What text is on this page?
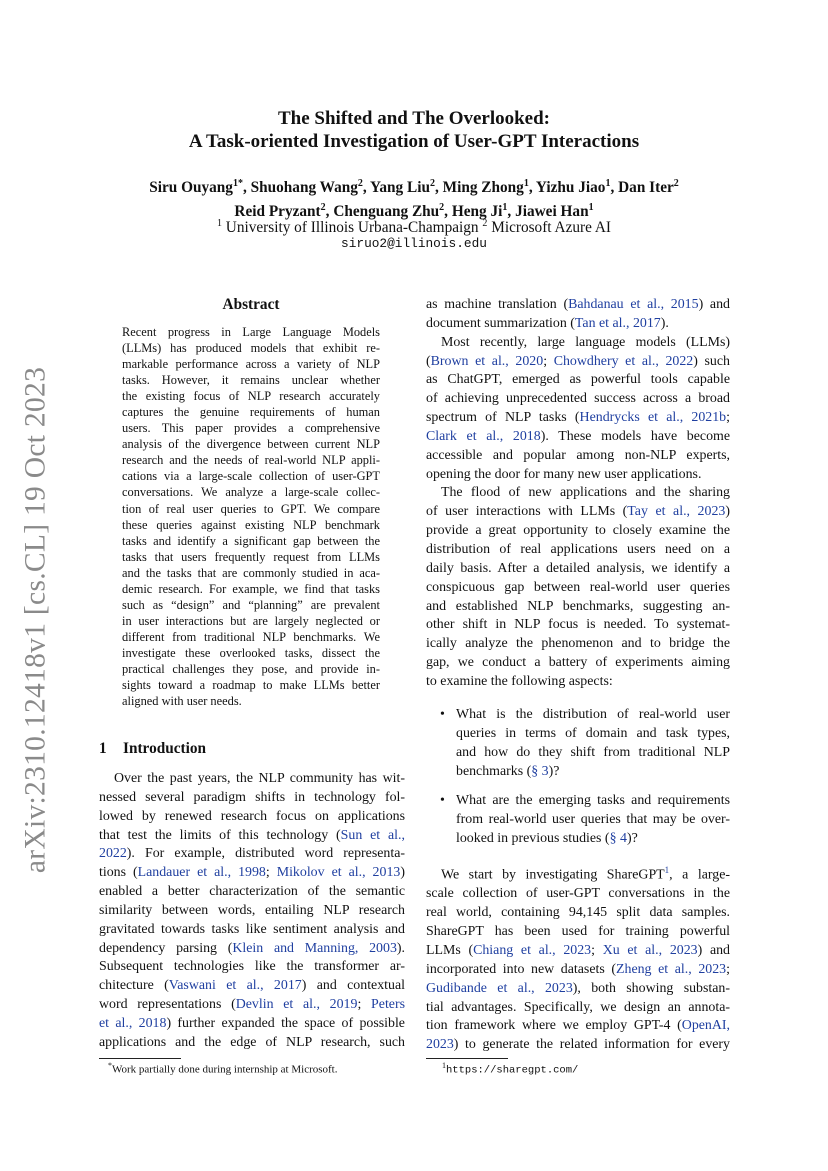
arXiv:2310.12418v1 [cs.CL] 19 Oct 2023
The Shifted and The Overlooked:
A Task-oriented Investigation of User-GPT Interactions
Siru Ouyang$^{1*}$, Shuohang Wang$^2$, Yang Liu$^2$, Ming Zhong$^1$, Yizhu Jiao$^1$, Dan Iter$^2$
Reid Pryzant$^2$, Chenguang Zhu$^2$, Heng Ji$^1$, Jiawei Han$^1$
$^1$ University of Illinois Urbana-Champaign $^2$ Microsoft Azure AI
siruo2@illinois.edu
Abstract
Recent progress in Large Language Models
(LLMs) has produced models that exhibit re-
markable performance across a variety of NLP
tasks. However, it remains unclear whether
the existing focus of NLP research accurately
captures the genuine requirements of human
users. This paper provides a comprehensive
analysis of the divergence between current NLP
research and the needs of real-world NLP appli-
cations via a large-scale collection of user-GPT
conversations. We analyze a large-scale collec-
tion of real user queries to GPT. We compare
these queries against existing NLP benchmark
tasks and identify a significant gap between the
tasks that users frequently request from LLMs
and the tasks that are commonly studied in aca-
demic research. For example, we find that tasks
such as “design” and “planning” are prevalent
in user interactions but are largely neglected or
different from traditional NLP benchmarks. We
investigate these overlooked tasks, dissect the
practical challenges they pose, and provide in-
sights toward a roadmap to make LLMs better
aligned with user needs.
1 Introduction
Over the past years, the NLP community has wit-
nessed several paradigm shifts in technology fol-
lowed by renewed research focus on applications
that test the limits of this technology (Sun et al.,
2022). For example, distributed word representa-
tions (Landauer et al., 1998; Mikolov et al., 2013)
enabled a better characterization of the semantic
similarity between words, entailing NLP research
gravitated towards tasks like sentiment analysis and
dependency parsing (Klein and Manning, 2003).
Subsequent technologies like the transformer ar-
chitecture (Vaswani et al., 2017) and contextual
word representations (Devlin et al., 2019; Peters
et al., 2018) further expanded the space of possible
applications and the edge of NLP research, such
as machine translation (Bahdanau et al., 2015) and
document summarization (Tan et al., 2017).
Most recently, large language models (LLMs)
(Brown et al., 2020; Chowdhery et al., 2022) such
as ChatGPT, emerged as powerful tools capable
of achieving unprecedented success across a broad
spectrum of NLP tasks (Hendrycks et al., 2021b;
Clark et al., 2018). These models have become
accessible and popular among non-NLP experts,
opening the door for many new user applications.
The flood of new applications and the sharing
of user interactions with LLMs (Tay et al., 2023)
provide a great opportunity to closely examine the
distribution of real applications users need on a
daily basis. After a detailed analysis, we identify a
conspicuous gap between real-world user queries
and established NLP benchmarks, suggesting an-
other shift in NLP focus is needed. To systemat-
ically analyze the phenomenon and to bridge the
gap, we conduct a battery of experiments aiming
to examine the following aspects:
• What is the distribution of real-world user
queries in terms of domain and task types,
and how do they shift from traditional NLP
benchmarks (§ 3)?
• What are the emerging tasks and requirements
from real-world user queries that may be over-
looked in previous studies (§ 4)?
We start by investigating ShareGPT$^1$, a large-
scale collection of user-GPT conversations in the
real world, containing 94,145 split data samples.
ShareGPT has been used for training powerful
LLMs (Chiang et al., 2023; Xu et al., 2023) and
incorporated into new datasets (Zheng et al., 2023;
Gudibande et al., 2023), both showing substan-
tial advantages. Specifically, we design an annota-
tion framework where we employ GPT-4 (OpenAI,
2023) to generate the related information for every
*Work partially done during internship at Microsoft.	$^1$https://sharegpt.com/
